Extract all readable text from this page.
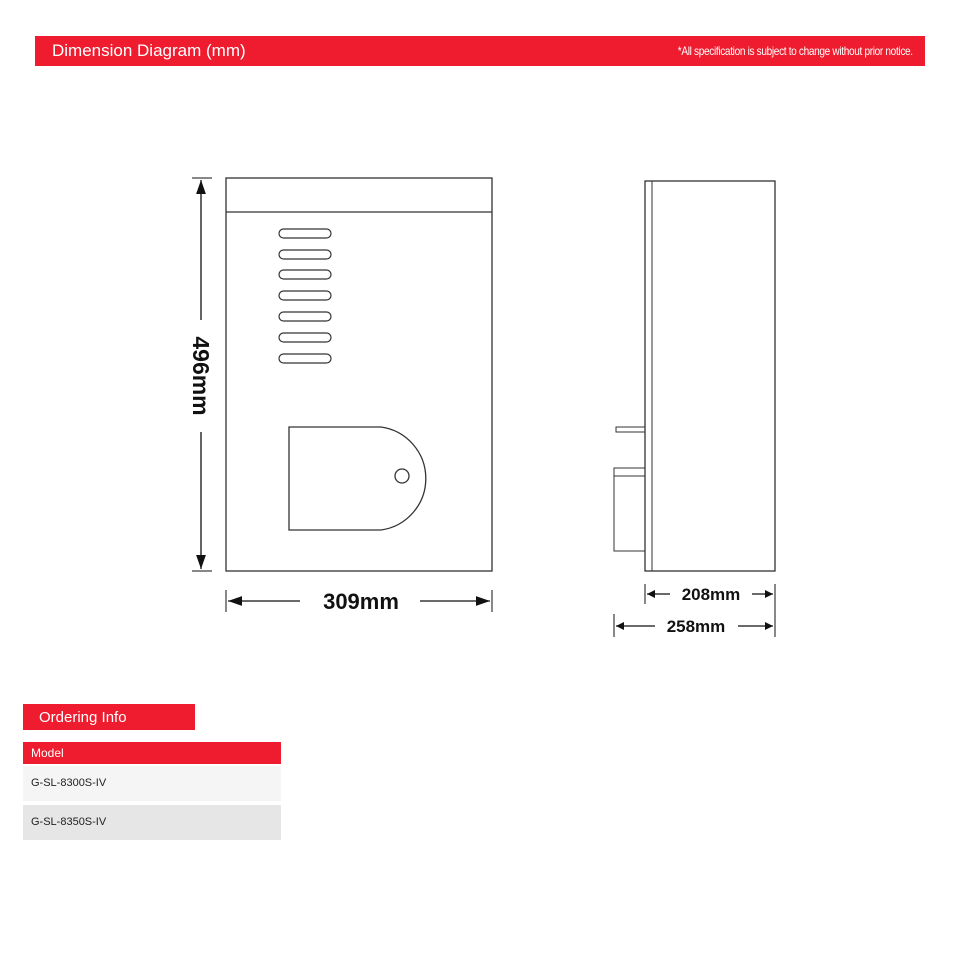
Dimension Diagram (mm)	*All specification is subject to change without prior notice.
496mm
309mm	208mm
258mm
Ordering Info
Model
G-SL-8300S-IV
G-SL-8350S-IV
